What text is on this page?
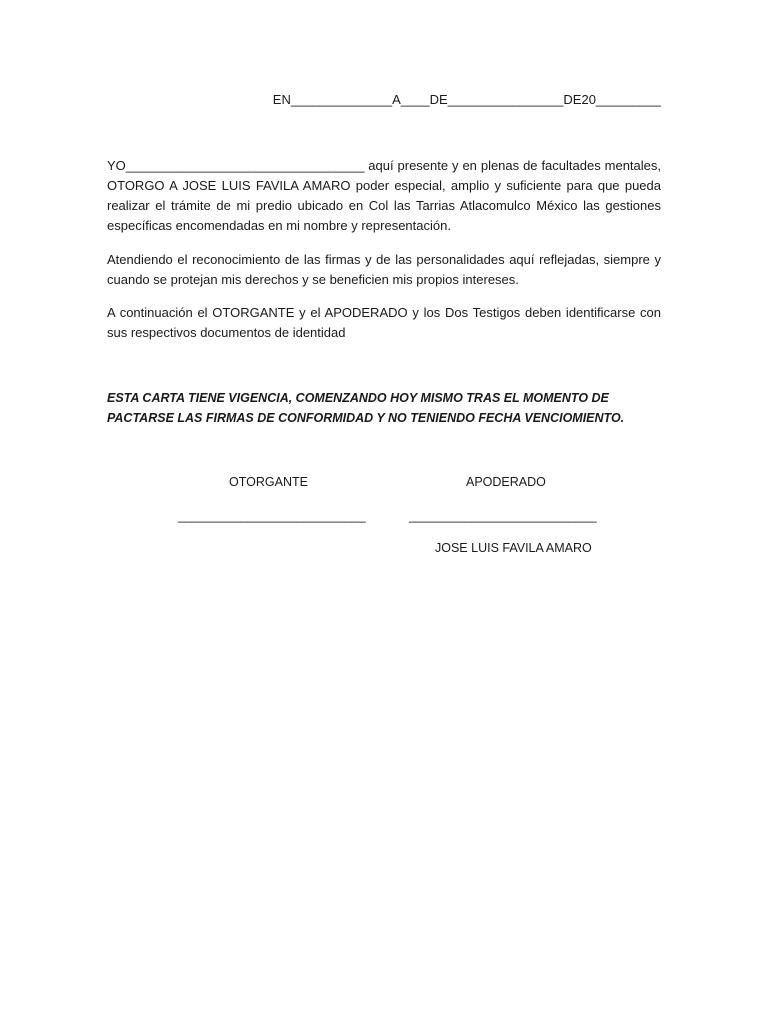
EN______________A____DE________________DE20_________

YO_________________________________ aquí presente y en plenas de facultades mentales, OTORGO A JOSE LUIS FAVILA AMARO poder especial, amplio y suficiente para que pueda realizar el trámite de mi predio ubicado en Col las Tarrias Atlacomulco México las gestiones específicas encomendadas en mi nombre y representación.

Atendiendo el reconocimiento de las firmas y de las personalidades aquí reflejadas, siempre y cuando se protejan mis derechos y se beneficien mis propios intereses.

A continuación el OTORGANTE y el APODERADO y los Dos Testigos deben identificarse con sus respectivos documentos de identidad

ESTA CARTA TIENE VIGENCIA, COMENZANDO HOY MISMO TRAS EL MOMENTO DE PACTARSE LAS FIRMAS DE CONFORMIDAD Y NO TENIENDO FECHA VENCIOMIENTO.

OTORGANTE	APODERADO
___________________________	___________________________
JOSE LUIS FAVILA AMARO
